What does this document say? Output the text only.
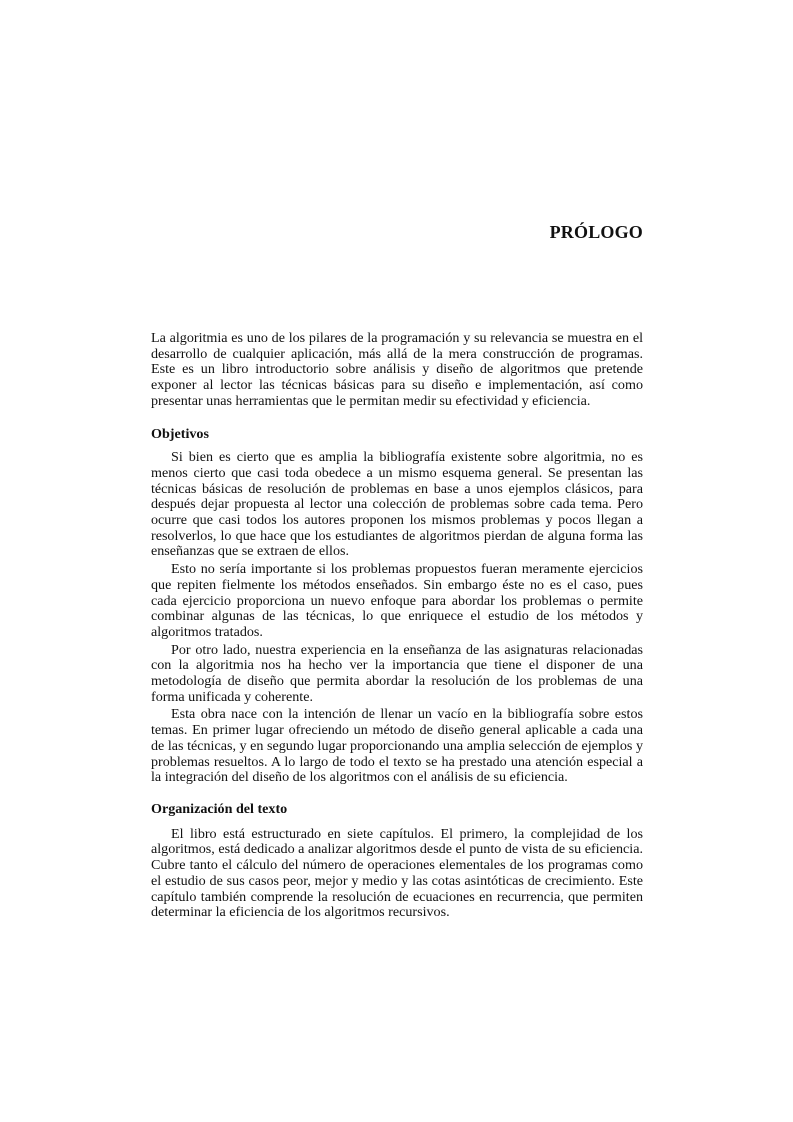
PRÓLOGO

La algoritmia es uno de los pilares de la programación y su relevancia se muestra en el desarrollo de cualquier aplicación, más allá de la mera construcción de programas. Este es un libro introductorio sobre análisis y diseño de algoritmos que pretende exponer al lector las técnicas básicas para su diseño e implementación, así como presentar unas herramientas que le permitan medir su efectividad y eficiencia.

Objetivos

Si bien es cierto que es amplia la bibliografía existente sobre algoritmia, no es menos cierto que casi toda obedece a un mismo esquema general. Se presentan las técnicas básicas de resolución de problemas en base a unos ejemplos clásicos, para después dejar propuesta al lector una colección de problemas sobre cada tema. Pero ocurre que casi todos los autores proponen los mismos problemas y pocos llegan a resolverlos, lo que hace que los estudiantes de algoritmos pierdan de alguna forma las enseñanzas que se extraen de ellos.

Esto no sería importante si los problemas propuestos fueran meramente ejercicios que repiten fielmente los métodos enseñados. Sin embargo éste no es el caso, pues cada ejercicio proporciona un nuevo enfoque para abordar los problemas o permite combinar algunas de las técnicas, lo que enriquece el estudio de los métodos y algoritmos tratados.

Por otro lado, nuestra experiencia en la enseñanza de las asignaturas relacionadas con la algoritmia nos ha hecho ver la importancia que tiene el disponer de una metodología de diseño que permita abordar la resolución de los problemas de una forma unificada y coherente.

Esta obra nace con la intención de llenar un vacío en la bibliografía sobre estos temas. En primer lugar ofreciendo un método de diseño general aplicable a cada una de las técnicas, y en segundo lugar proporcionando una amplia selección de ejemplos y problemas resueltos. A lo largo de todo el texto se ha prestado una atención especial a la integración del diseño de los algoritmos con el análisis de su eficiencia.

Organización del texto

El libro está estructurado en siete capítulos. El primero, la complejidad de los algoritmos, está dedicado a analizar algoritmos desde el punto de vista de su eficiencia. Cubre tanto el cálculo del número de operaciones elementales de los programas como el estudio de sus casos peor, mejor y medio y las cotas asintóticas de crecimiento. Este capítulo también comprende la resolución de ecuaciones en recurrencia, que permiten determinar la eficiencia de los algoritmos recursivos.
